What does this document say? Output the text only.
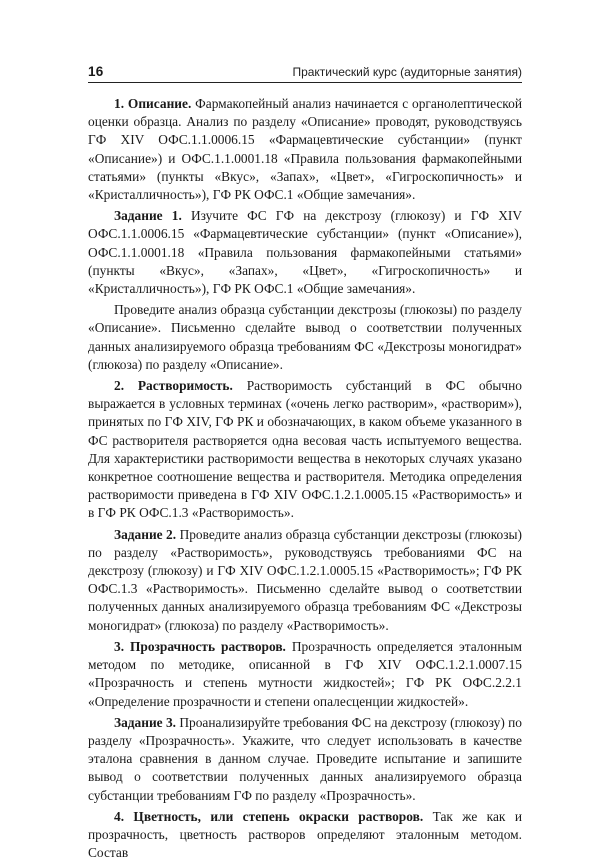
16	Практический курс (аудиторные занятия)

1. Описание. Фармакопейный анализ начинается с органолептической оценки образца. Анализ по разделу «Описание» проводят, руководствуясь ГФ XIV ОФС.1.1.0006.15 «Фармацевтические субстанции» (пункт «Описание») и ОФС.1.1.0001.18 «Правила пользования фармакопейными статьями» (пункты «Вкус», «Запах», «Цвет», «Гигроскопичность» и «Кристалличность»), ГФ РК ОФС.1 «Общие замечания».

Задание 1. Изучите ФС ГФ на декстрозу (глюкозу) и ГФ XIV ОФС.1.1.0006.15 «Фармацевтические субстанции» (пункт «Описание»), ОФС.1.1.0001.18 «Правила пользования фармакопейными статьями» (пункты «Вкус», «Запах», «Цвет», «Гигроскопичность» и «Кристалличность»), ГФ РК ОФС.1 «Общие замечания».

Проведите анализ образца субстанции декстрозы (глюкозы) по разделу «Описание». Письменно сделайте вывод о соответствии полученных данных анализируемого образца требованиям ФС «Декстрозы моногидрат» (глюкоза) по разделу «Описание».

2. Растворимость. Растворимость субстанций в ФС обычно выражается в условных терминах («очень легко растворим», «растворим»), принятых по ГФ XIV, ГФ РК и обозначающих, в каком объеме указанного в ФС растворителя растворяется одна весовая часть испытуемого вещества. Для характеристики растворимости вещества в некоторых случаях указано конкретное соотношение вещества и растворителя. Методика определения растворимости приведена в ГФ XIV ОФС.1.2.1.0005.15 «Растворимость» и в ГФ РК ОФС.1.3 «Растворимость».

Задание 2. Проведите анализ образца субстанции декстрозы (глюкозы) по разделу «Растворимость», руководствуясь требованиями ФС на декстрозу (глюкозу) и ГФ XIV ОФС.1.2.1.0005.15 «Растворимость»; ГФ РК ОФС.1.3 «Растворимость». Письменно сделайте вывод о соответствии полученных данных анализируемого образца требованиям ФС «Декстрозы моногидрат» (глюкоза) по разделу «Растворимость».

3. Прозрачность растворов. Прозрачность определяется эталонным методом по методике, описанной в ГФ XIV ОФС.1.2.1.0007.15 «Прозрачность и степень мутности жидкостей»; ГФ РК ОФС.2.2.1 «Определение прозрачности и степени опалесценции жидкостей».

Задание 3. Проанализируйте требования ФС на декстрозу (глюкозу) по разделу «Прозрачность». Укажите, что следует использовать в качестве эталона сравнения в данном случае. Проведите испытание и запишите вывод о соответствии полученных данных анализируемого образца субстанции требованиям ГФ по разделу «Прозрачность».

4. Цветность, или степень окраски растворов. Так же как и прозрачность, цветность растворов определяют эталонным методом. Состав
